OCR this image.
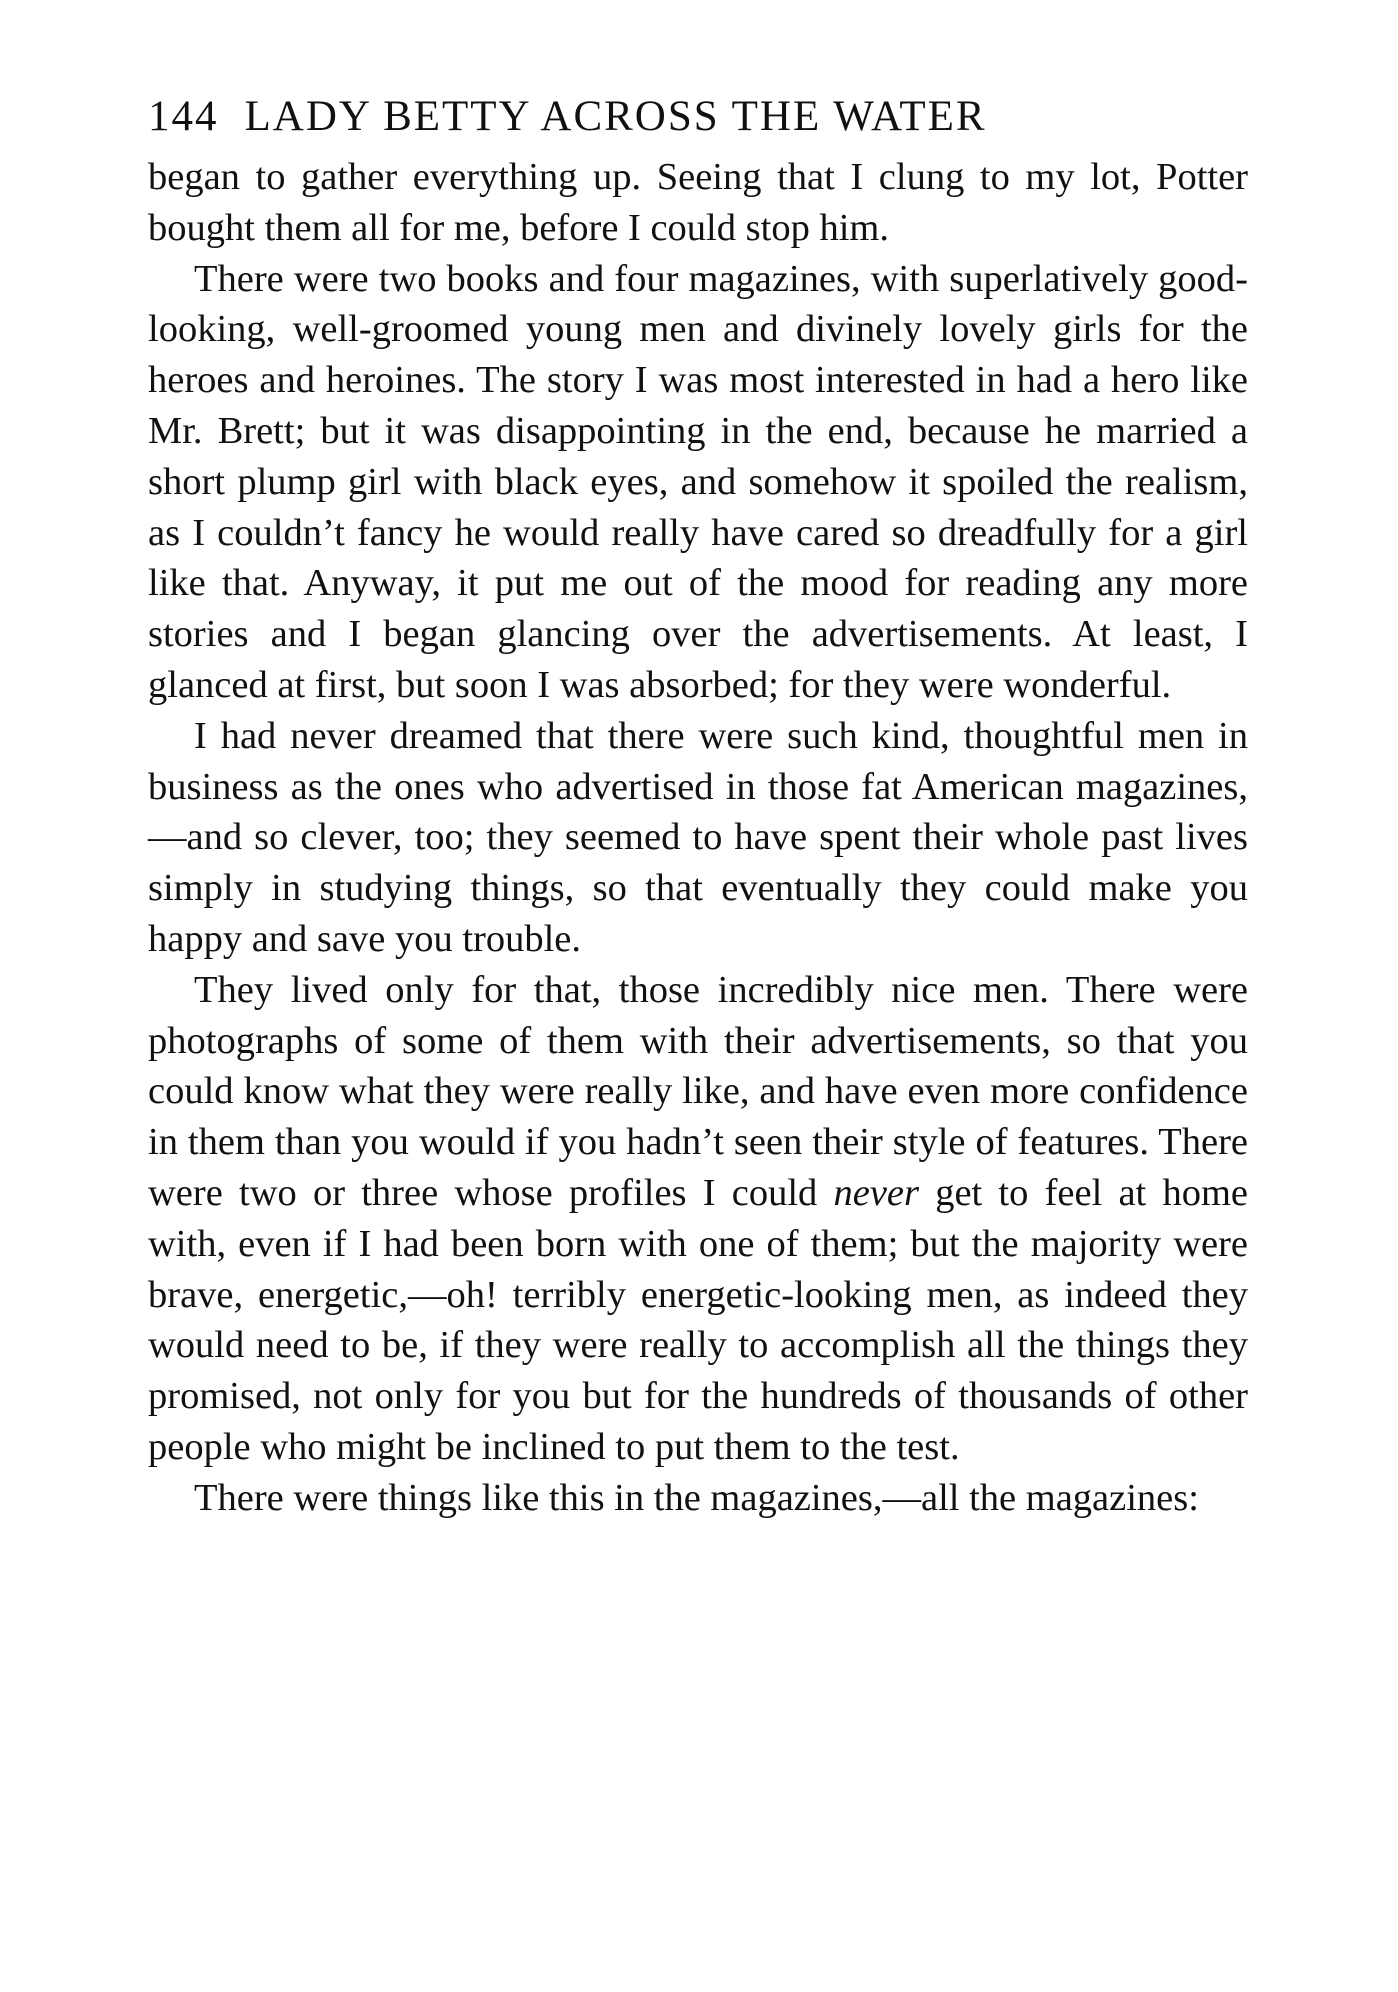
144 LADY BETTY ACROSS THE WATER

began to gather everything up. Seeing that I clung to my lot, Potter bought them all for me, before I could stop him.

There were two books and four magazines, with superlatively good-looking, well-groomed young men and divinely lovely girls for the heroes and heroines. The story I was most interested in had a hero like Mr. Brett; but it was disappointing in the end, because he married a short plump girl with black eyes, and somehow it spoiled the realism, as I couldn’t fancy he would really have cared so dreadfully for a girl like that. Anyway, it put me out of the mood for reading any more stories and I began glancing over the advertisements. At least, I glanced at first, but soon I was absorbed; for they were wonderful.

I had never dreamed that there were such kind, thoughtful men in business as the ones who advertised in those fat American magazines,—and so clever, too; they seemed to have spent their whole past lives simply in studying things, so that eventually they could make you happy and save you trouble.

They lived only for that, those incredibly nice men. There were photographs of some of them with their advertisements, so that you could know what they were really like, and have even more confidence in them than you would if you hadn’t seen their style of features. There were two or three whose profiles I could never get to feel at home with, even if I had been born with one of them; but the majority were brave, energetic,—oh! terribly energetic-looking men, as indeed they would need to be, if they were really to accomplish all the things they promised, not only for you but for the hundreds of thousands of other people who might be inclined to put them to the test.

There were things like this in the magazines,—all the magazines:
